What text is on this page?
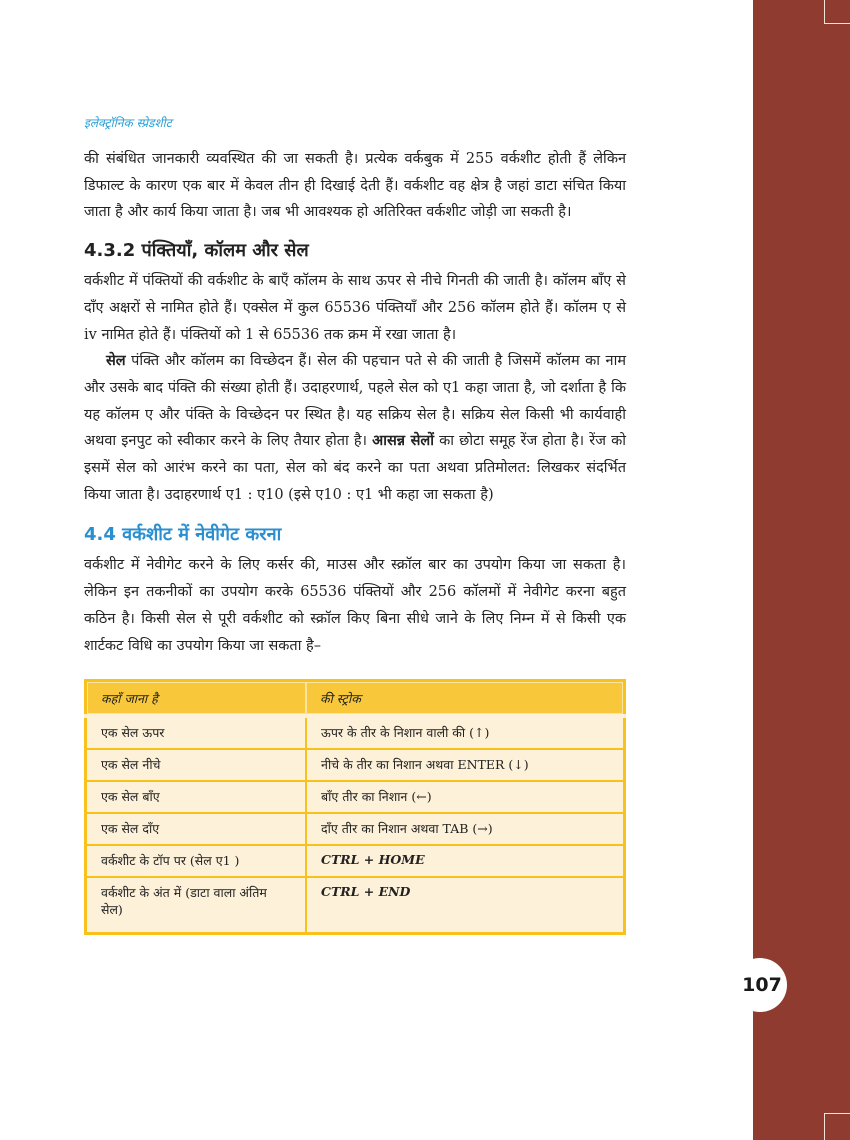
107
इलेक्ट्रॉनिक स्प्रेडशीट

की संबंधित जानकारी व्यवस्थित की जा सकती है। प्रत्येक वर्कबुक में 255 वर्कशीट होती हैं लेकिन डिफाल्ट के कारण एक बार में केवल तीन ही दिखाई देती हैं। वर्कशीट वह क्षेत्र है जहां डाटा संचित किया जाता है और कार्य किया जाता है। जब भी आवश्यक हो अतिरिक्त वर्कशीट जोड़ी जा सकती है।

4.3.2 पंक्तियाँ, कॉलम और सेल

वर्कशीट में पंक्तियों की वर्कशीट के बाएँ कॉलम के साथ ऊपर से नीचे गिनती की जाती है। कॉलम बाँए से दाँए अक्षरों से नामित होते हैं। एक्सेल में कुल 65536 पंक्तियाँ और 256 कॉलम होते हैं। कॉलम ए से iv नामित होते हैं। पंक्तियों को 1 से 65536 तक क्रम में रखा जाता है।

सेल पंक्ति और कॉलम का विच्छेदन हैं। सेल की पहचान पते से की जाती है जिसमें कॉलम का नाम और उसके बाद पंक्ति की संख्या होती हैं। उदाहरणार्थ, पहले सेल को ए1 कहा जाता है, जो दर्शाता है कि यह कॉलम ए और पंक्ति के विच्छेदन पर स्थित है। यह सक्रिय सेल है। सक्रिय सेल किसी भी कार्यवाही अथवा इनपुट को स्वीकार करने के लिए तैयार होता है। आसन्न सेलों का छोटा समूह रेंज होता है। रेंज को इसमें सेल को आरंभ करने का पता, सेल को बंद करने का पता अथवा प्रतिमोलत: लिखकर संदर्भित किया जाता है। उदाहरणार्थ ए1 : ए10 (इसे ए10 : ए1 भी कहा जा सकता है)

4.4 वर्कशीट में नेवीगेट करना

वर्कशीट में नेवीगेट करने के लिए कर्सर की, माउस और स्क्रॉल बार का उपयोग किया जा सकता है। लेकिन इन तकनीकों का उपयोग करके 65536 पंक्तियों और 256 कॉलमों में नेवीगेट करना बहुत कठिन है। किसी सेल से पूरी वर्कशीट को स्क्रॉल किए बिना सीधे जाने के लिए निम्न में से किसी एक शार्टकट विधि का उपयोग किया जा सकता है–

कहाँ जाना है	की स्ट्रोक
एक सेल ऊपर	ऊपर के तीर के निशान वाली की (↑)
एक सेल नीचे	नीचे के तीर का निशान अथवा ENTER (↓)
एक सेल बाँए	बाँए तीर का निशान (←)
एक सेल दाँए	दाँए तीर का निशान अथवा TAB (→)
वर्कशीट के टॉप पर (सेल ए1 )	CTRL + HOME
वर्कशीट के अंत में (डाटा वाला अंतिम सेल)	CTRL + END
